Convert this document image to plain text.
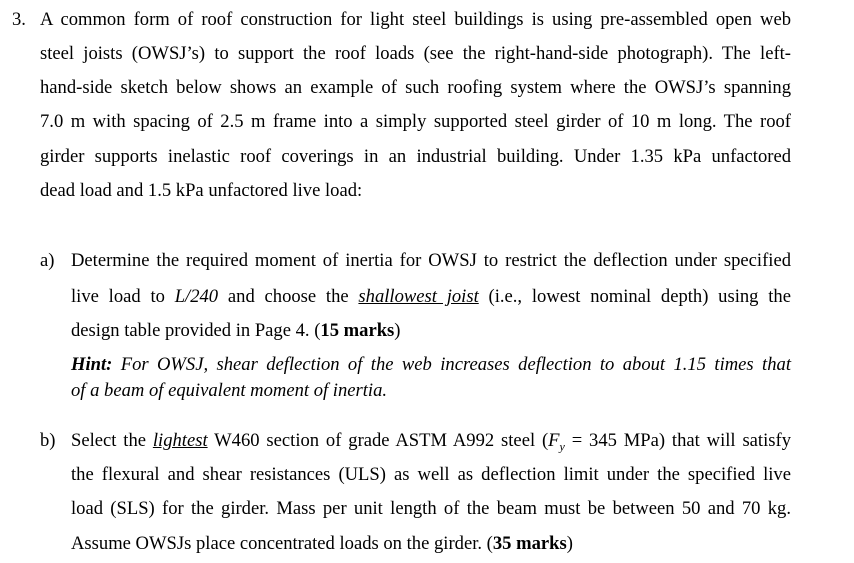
3. A common form of roof construction for light steel buildings is using pre-assembled open web
steel joists (OWSJ’s) to support the roof loads (see the right-hand-side photograph). The left-
hand-side sketch below shows an example of such roofing system where the OWSJ’s spanning
7.0 m with spacing of 2.5 m frame into a simply supported steel girder of 10 m long. The roof
girder supports inelastic roof coverings in an industrial building. Under 1.35 kPa unfactored
dead load and 1.5 kPa unfactored live load:
a) Determine the required moment of inertia for OWSJ to restrict the deflection under specified
live load to L/240 and choose the shallowest joist (i.e., lowest nominal depth) using the
design table provided in Page 4. (15 marks)
Hint: For OWSJ, shear deflection of the web increases deflection to about 1.15 times that
of a beam of equivalent moment of inertia.
b) Select the lightest W460 section of grade ASTM A992 steel ($F_y = 345$ MPa) that will satisfy
the flexural and shear resistances (ULS) as well as deflection limit under the specified live
load (SLS) for the girder. Mass per unit length of the beam must be between 50 and 70 kg.
Assume OWSJs place concentrated loads on the girder. (35 marks)
